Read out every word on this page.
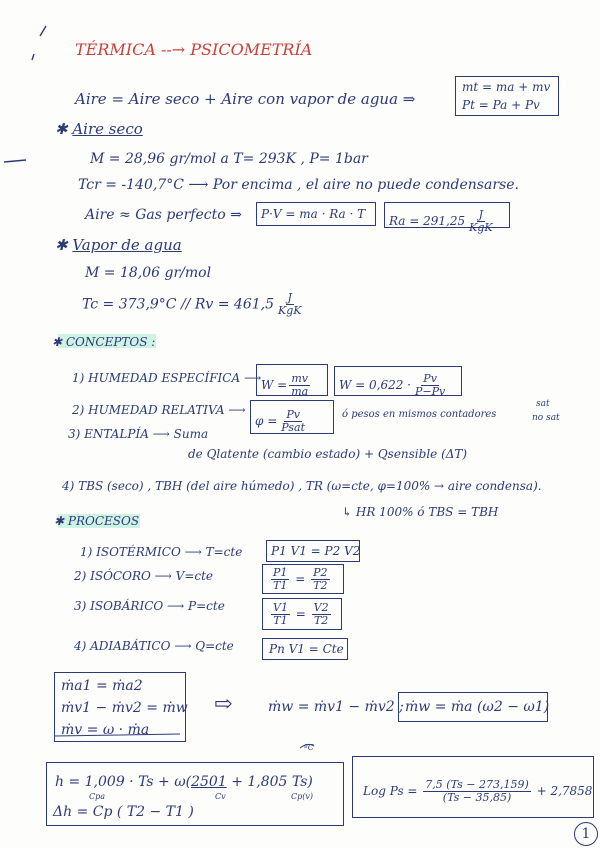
TÉRMICA --→ PSICOMETRÍA
Aire = Aire seco + Aire con vapor de agua ⇒
mt = ma + mv
Pt = Pa + Pv
✱ Aire seco
M = 28,96 gr/mol a T= 293K , P= 1bar
Tcr = -140,7°C ⟶ Por encima , el aire no puede condensarse.
Aire ≈ Gas perfecto ⇒ P·V = ma · Ra · T
$Ra = 291,25 \frac{J}{\text{KgK}}$
✱ Vapor de agua
M = 18,06 gr/mol
$Tc = 373,9^\circ C // Rv = 461,5 \frac{J}{\text{KgK}}$
✱ CONCEPTOS :
1) HUMEDAD ESPECÍFICA ⟶
$W = \frac{mv}{ma}$ $W = 0,622 \cdot \frac{Pv}{P-Pv}$
2) HUMEDAD RELATIVA ⟶
$\varphi = \frac{Pv}{\text{Psat}}$	ó pesos en mismos contadores
sat
no sat
3) ENTALPÍA ⟶ Suma
de Qlatente (cambio estado) + Qsensible (ΔT)
4) TBS (seco) , TBH (del aire húmedo) , TR (ω=cte, φ=100% → aire condensa).
↳ HR 100% ó TBS = TBH
✱ PROCESOS
1) ISOTÉRMICO ⟶ T=cte P1 V1 = P2 V2
2) ISÓCORO ⟶ V=cte	$\frac{P1}{T1} = \frac{P2}{T2}$
3) ISOBÁRICO ⟶ P=cte	$\frac{V1}{T1} = \frac{V2}{T2}$
4) ADIABÁTICO ⟶ Q=cte	Pn V1 = Cte
ṁa1 = ṁa2
ṁv1 − ṁv2 = ṁw
ṁv = ω · ṁa
⇨	ṁw = ṁv1 − ṁv2 ; ṁw = ṁa (ω2 − ω1)
h = 1,009 · Ts + ω(2501 + 1,805 Ts)
Cpa	Cv	Cp(v)
Δh = Cp ( T2 − T1 )
ºC
Log $Ps = \frac{7,5 (Ts - 273,159)}{(Ts - 35,85)} + 2,7858$
1
